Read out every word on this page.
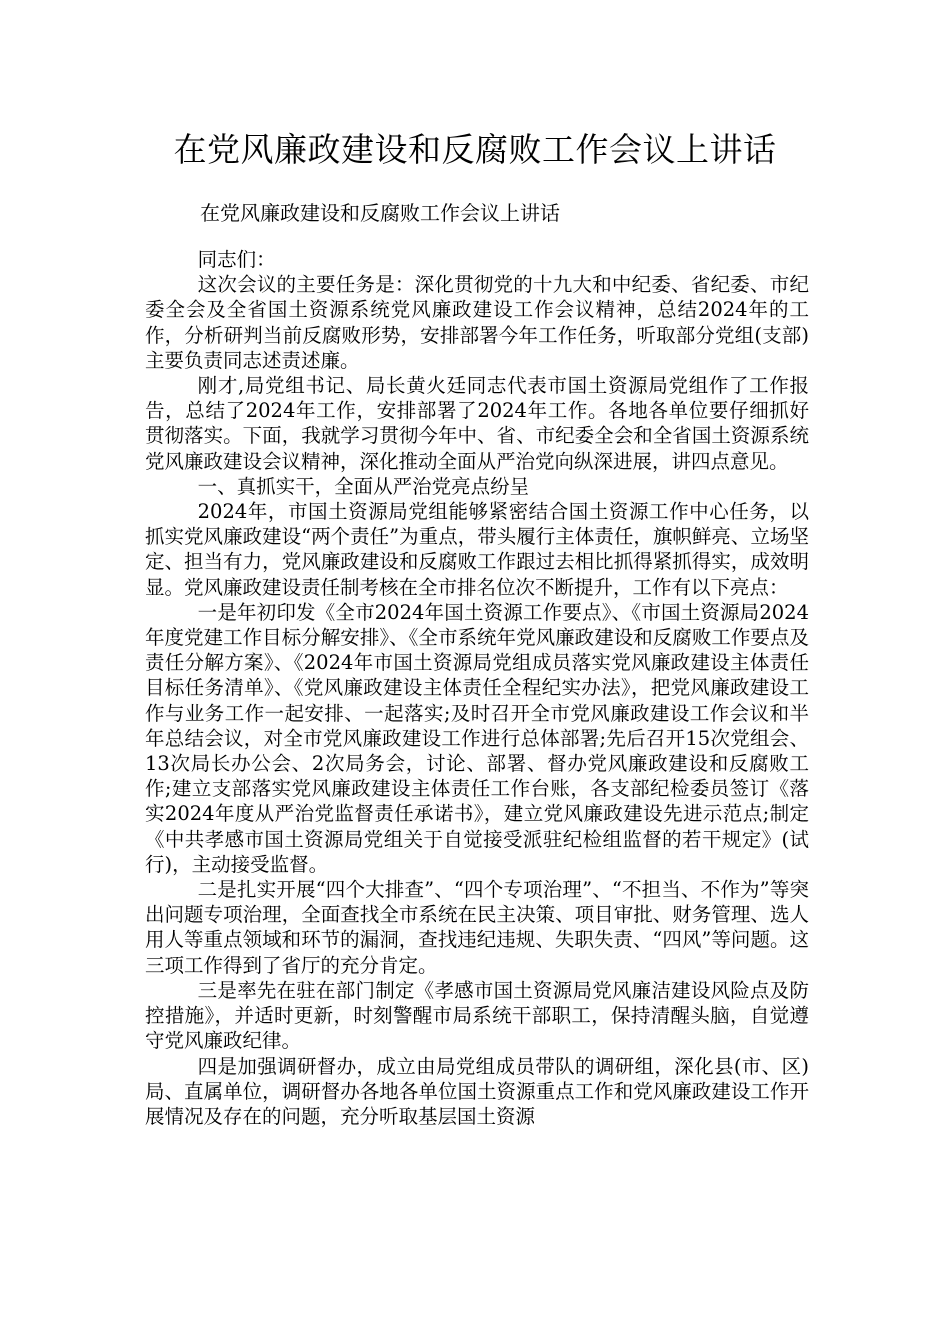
在党风廉政建设和反腐败工作会议上讲话

在党风廉政建设和反腐败工作会议上讲话

同志们：

这次会议的主要任务是：深化贯彻党的十九大和中纪委、省纪委、市纪委全会及全省国土资源系统党风廉政建设工作会议精神，总结2024年的工作，分析研判当前反腐败形势，安排部署今年工作任务，听取部分党组(支部)主要负责同志述责述廉。

刚才,局党组书记、局长黄火廷同志代表市国土资源局党组作了工作报告，总结了2024年工作，安排部署了2024年工作。各地各单位要仔细抓好贯彻落实。下面，我就学习贯彻今年中、省、市纪委全会和全省国土资源系统党风廉政建设会议精神，深化推动全面从严治党向纵深进展，讲四点意见。

一、真抓实干，全面从严治党亮点纷呈

2024年，市国土资源局党组能够紧密结合国土资源工作中心任务，以抓实党风廉政建设“两个责任”为重点，带头履行主体责任，旗帜鲜亮、立场坚定、担当有力，党风廉政建设和反腐败工作跟过去相比抓得紧抓得实，成效明显。党风廉政建设责任制考核在全市排名位次不断提升，工作有以下亮点：

一是年初印发《全市2024年国土资源工作要点》、《市国土资源局2024年度党建工作目标分解安排》、《全市系统年党风廉政建设和反腐败工作要点及责任分解方案》、《2024年市国土资源局党组成员落实党风廉政建设主体责任目标任务清单》、《党风廉政建设主体责任全程纪实办法》，把党风廉政建设工作与业务工作一起安排、一起落实;及时召开全市党风廉政建设工作会议和半年总结会议，对全市党风廉政建设工作进行总体部署;先后召开15次党组会、13次局长办公会、2次局务会，讨论、部署、督办党风廉政建设和反腐败工作;建立支部落实党风廉政建设主体责任工作台账，各支部纪检委员签订《落实2024年度从严治党监督责任承诺书》，建立党风廉政建设先进示范点;制定《中共孝感市国土资源局党组关于自觉接受派驻纪检组监督的若干规定》(试行)，主动接受监督。

二是扎实开展“四个大排查”、“四个专项治理”、“不担当、不作为”等突出问题专项治理，全面查找全市系统在民主决策、项目审批、财务管理、选人用人等重点领域和环节的漏洞，查找违纪违规、失职失责、“四风”等问题。这三项工作得到了省厅的充分肯定。

三是率先在驻在部门制定《孝感市国土资源局党风廉洁建设风险点及防控措施》，并适时更新，时刻警醒市局系统干部职工，保持清醒头脑，自觉遵守党风廉政纪律。

四是加强调研督办，成立由局党组成员带队的调研组，深化县(市、区)局、直属单位，调研督办各地各单位国土资源重点工作和党风廉政建设工作开展情况及存在的问题，充分听取基层国土资源
